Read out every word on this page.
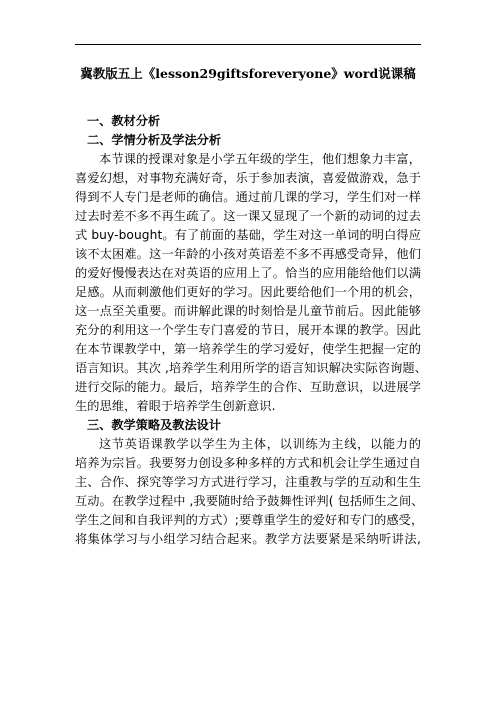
冀教版五上《lesson29giftsforeveryone》word说课稿

一、教材分析

二、学情分析及学法分析

本节课的授课对象是小学五年级的学生，他们想象力丰富，
喜爱幻想，对事物充满好奇，乐于参加表演，喜爱做游戏，急于
得到不人专门是老师的确信。通过前几课的学习，学生们对一样
过去时差不多不再生疏了。这一课又显现了一个新的动词的过去
式 buy-bought。有了前面的基础，学生对这一单词的明白得应
该不太困难。这一年龄的小孩对英语差不多不再感受奇异，他们
的爱好慢慢表达在对英语的应用上了。恰当的应用能给他们以满
足感。从而刺激他们更好的学习。因此要给他们一个用的机会，
这一点至关重要。而讲解此课的时刻恰是儿童节前后。因此能够
充分的利用这一个学生专门喜爱的节日，展开本课的教学。因此
在本节课教学中，第一培养学生的学习爱好，使学生把握一定的
语言知识。其次 ,培养学生利用所学的语言知识解决实际咨询题、
进行交际的能力。最后，培养学生的合作、互助意识，以进展学
生的思维，着眼于培养学生创新意识.

三、教学策略及教法设计

这节英语课教学以学生为主体，以训练为主线，以能力的
培养为宗旨。我要努力创设多种多样的方式和机会让学生通过自
主、合作、探究等学习方式进行学习，注重教与学的互动和生生
互动。在教学过程中 ,我要随时给予鼓舞性评判( 包括师生之间、
学生之间和自我评判的方式）;要尊重学生的爱好和专门的感受，
将集体学习与小组学习结合起来。教学方法要紧是采纳听讲法,
